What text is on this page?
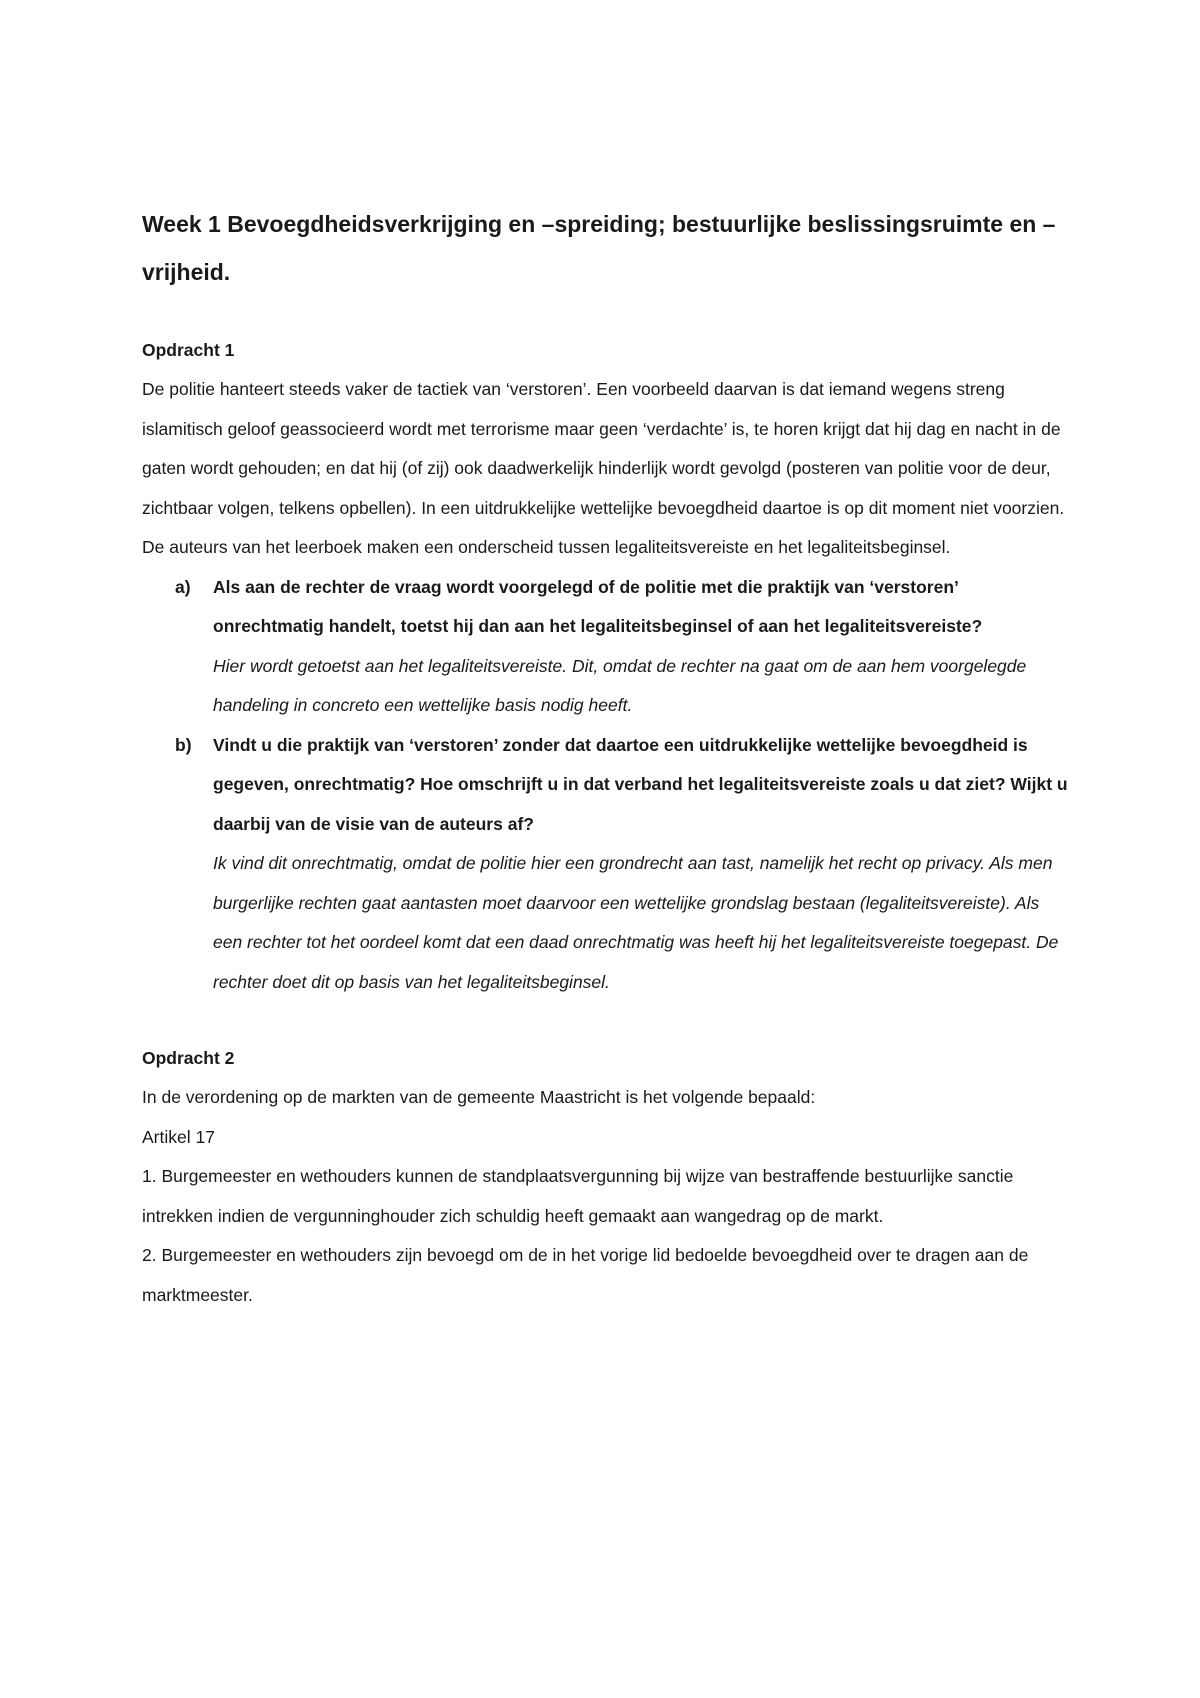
Week 1 Bevoegdheidsverkrijging en –spreiding; bestuurlijke beslissingsruimte en –vrijheid.
Opdracht 1

De politie hanteert steeds vaker de tactiek van ‘verstoren’. Een voorbeeld daarvan is dat iemand wegens streng islamitisch geloof geassocieerd wordt met terrorisme maar geen ‘verdachte’ is, te horen krijgt dat hij dag en nacht in de gaten wordt gehouden; en dat hij (of zij) ook daadwerkelijk hinderlijk wordt gevolgd (posteren van politie voor de deur, zichtbaar volgen, telkens opbellen). In een uitdrukkelijke wettelijke bevoegdheid daartoe is op dit moment niet voorzien.

De auteurs van het leerboek maken een onderscheid tussen legaliteitsvereiste en het legaliteitsbeginsel.

a) Als aan de rechter de vraag wordt voorgelegd of de politie met die praktijk van ‘verstoren’ onrechtmatig handelt, toetst hij dan aan het legaliteitsbeginsel of aan het legaliteitsvereiste?

Hier wordt getoetst aan het legaliteitsvereiste. Dit, omdat de rechter na gaat om de aan hem voorgelegde handeling in concreto een wettelijke basis nodig heeft.

b) Vindt u die praktijk van ‘verstoren’ zonder dat daartoe een uitdrukkelijke wettelijke bevoegdheid is gegeven, onrechtmatig? Hoe omschrijft u in dat verband het legaliteitsvereiste zoals u dat ziet? Wijkt u daarbij van de visie van de auteurs af?

Ik vind dit onrechtmatig, omdat de politie hier een grondrecht aan tast, namelijk het recht op privacy. Als men burgerlijke rechten gaat aantasten moet daarvoor een wettelijke grondslag bestaan (legaliteitsvereiste). Als een rechter tot het oordeel komt dat een daad onrechtmatig was heeft hij het legaliteitsvereiste toegepast. De rechter doet dit op basis van het legaliteitsbeginsel.

Opdracht 2

In de verordening op de markten van de gemeente Maastricht is het volgende bepaald:

Artikel 17

1. Burgemeester en wethouders kunnen de standplaatsvergunning bij wijze van bestraffende bestuurlijke sanctie intrekken indien de vergunninghouder zich schuldig heeft gemaakt aan wangedrag op de markt.

2. Burgemeester en wethouders zijn bevoegd om de in het vorige lid bedoelde bevoegdheid over te dragen aan de marktmeester.
